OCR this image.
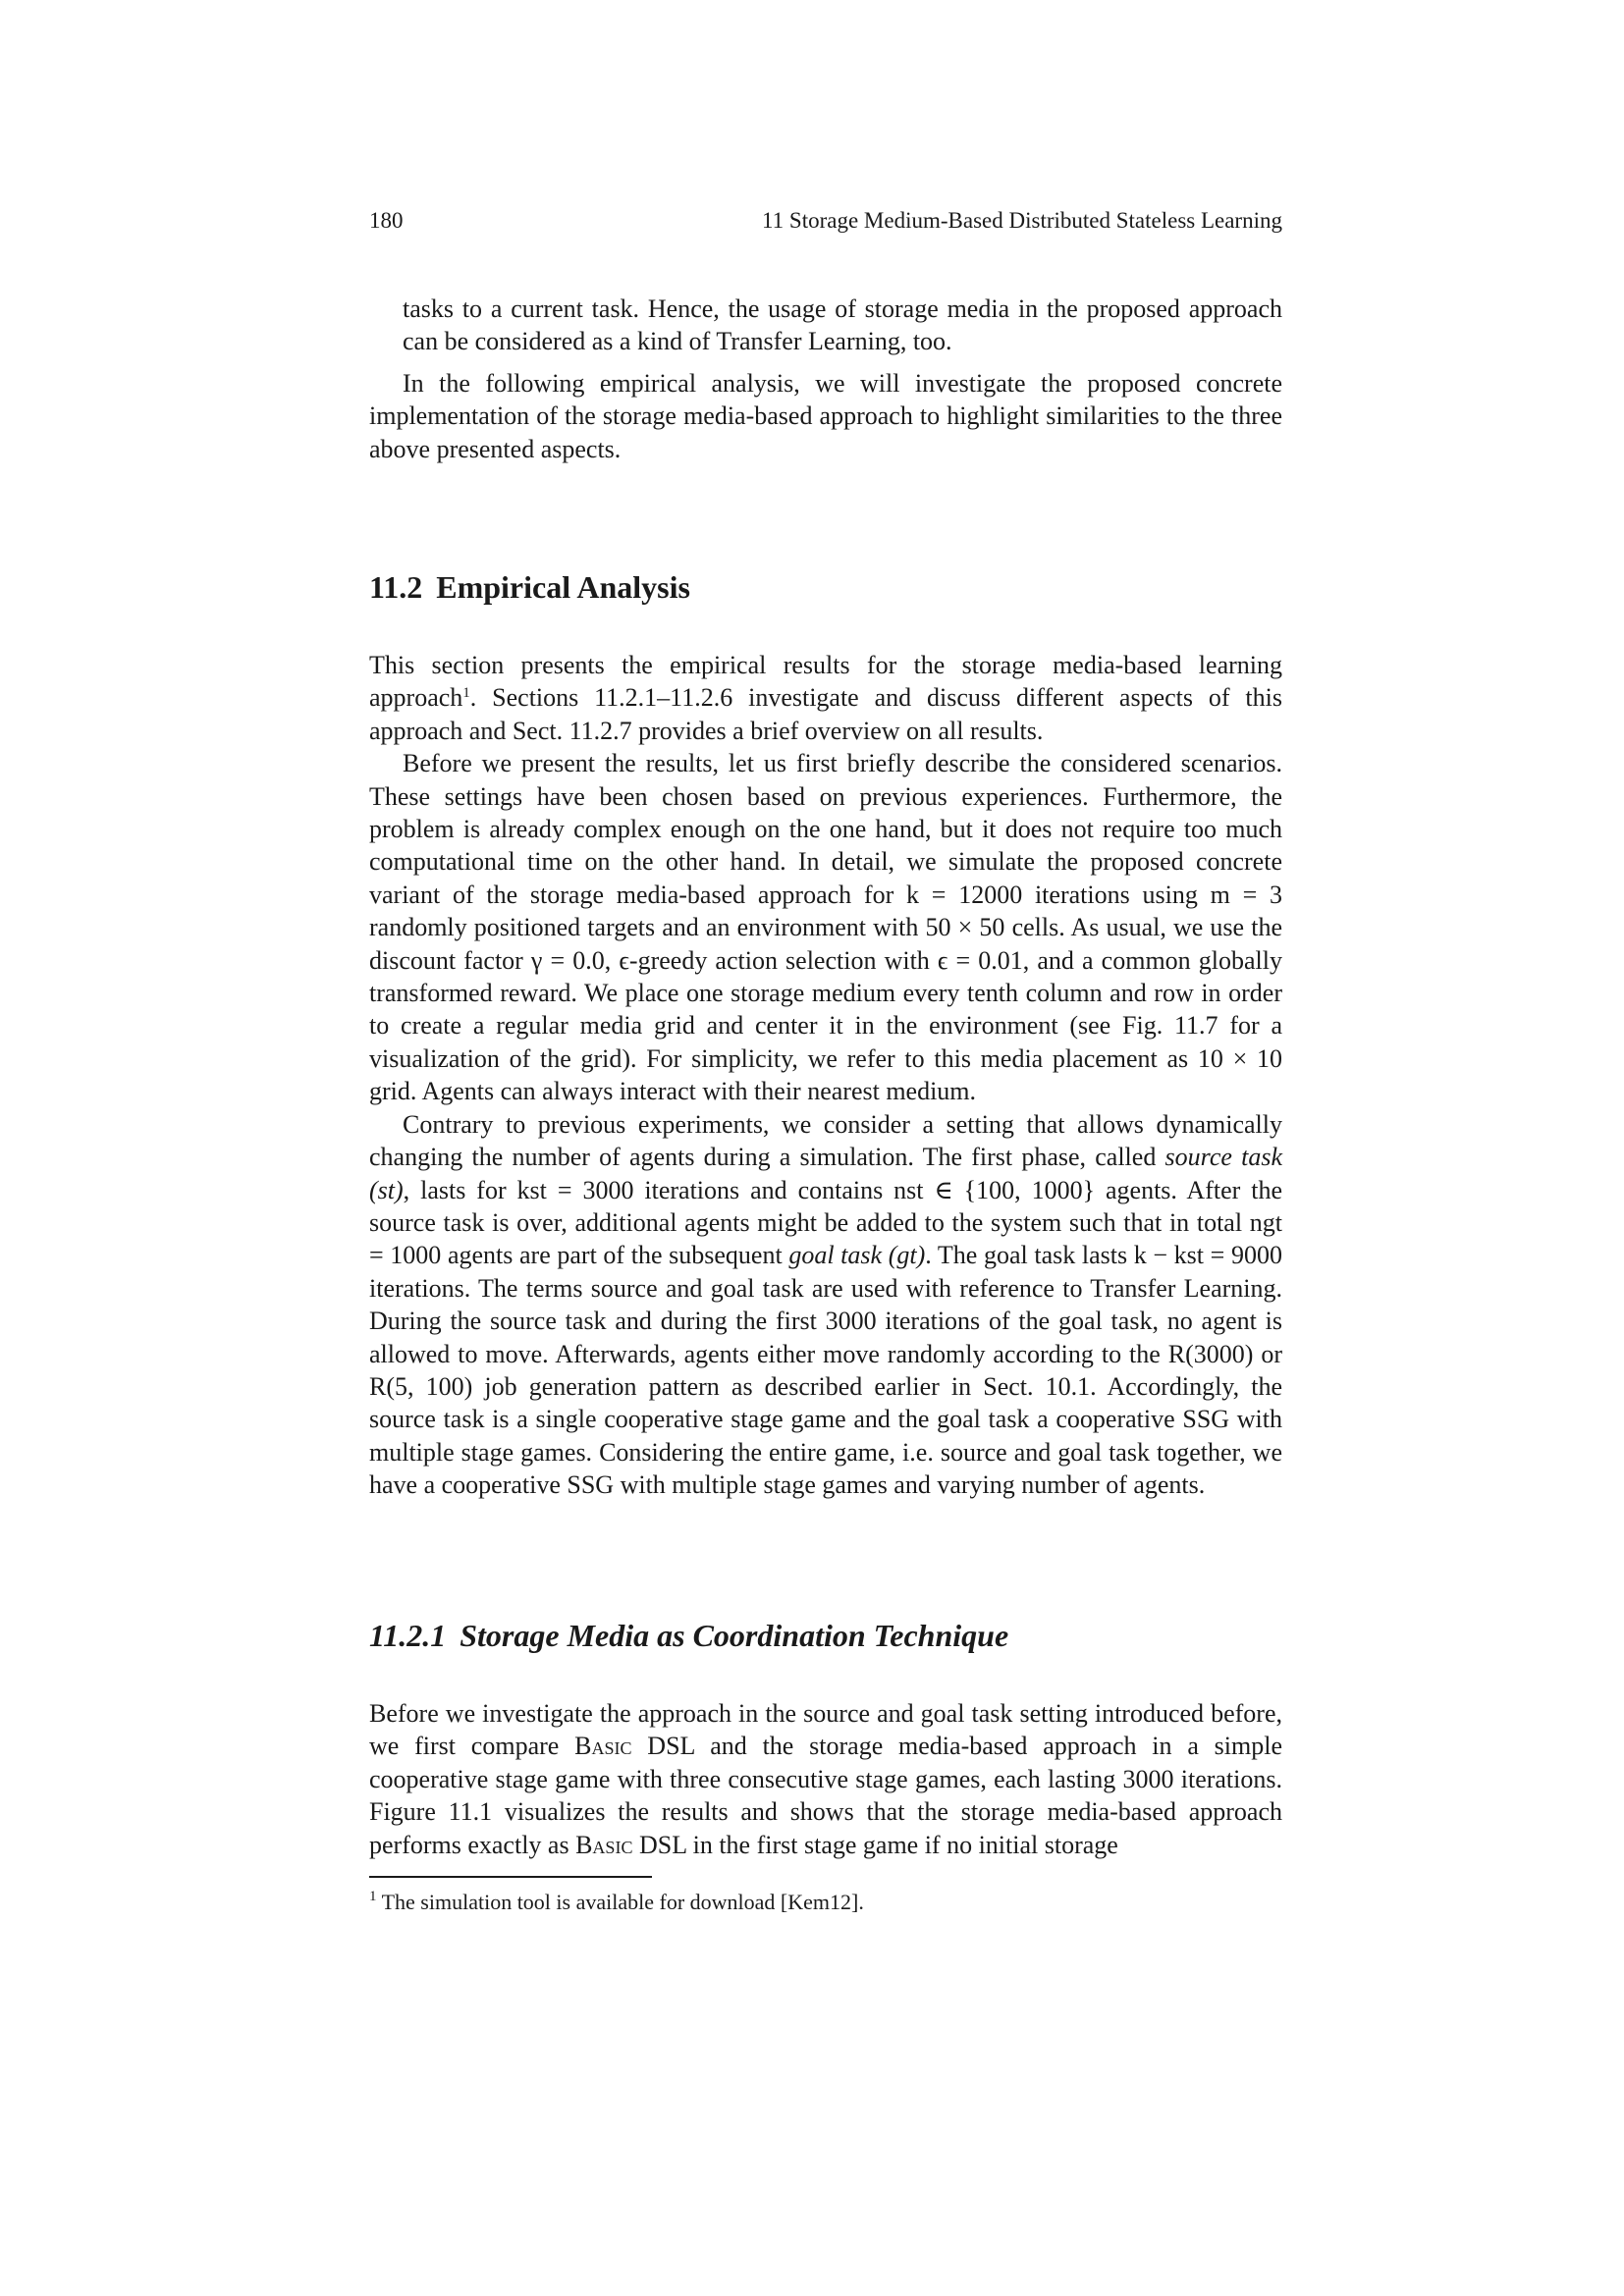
180	11 Storage Medium-Based Distributed Stateless Learning

tasks to a current task. Hence, the usage of storage media in the proposed approach can be considered as a kind of Transfer Learning, too.

In the following empirical analysis, we will investigate the proposed concrete implementation of the storage media-based approach to highlight similarities to the three above presented aspects.

11.2 Empirical Analysis

This section presents the empirical results for the storage media-based learning approach$^1$. Sections 11.2.1–11.2.6 investigate and discuss different aspects of this approach and Sect. 11.2.7 provides a brief overview on all results.

Before we present the results, let us first briefly describe the considered scenarios. These settings have been chosen based on previous experiences. Furthermore, the problem is already complex enough on the one hand, but it does not require too much computational time on the other hand. In detail, we simulate the proposed concrete variant of the storage media-based approach for k = 12000 iterations using m = 3 randomly positioned targets and an environment with 50 × 50 cells. As usual, we use the discount factor γ = 0.0, ϵ-greedy action selection with ϵ = 0.01, and a common globally transformed reward. We place one storage medium every tenth column and row in order to create a regular media grid and center it in the environment (see Fig. 11.7 for a visualization of the grid). For simplicity, we refer to this media placement as 10 × 10 grid. Agents can always interact with their nearest medium.

Contrary to previous experiments, we consider a setting that allows dynamically changing the number of agents during a simulation. The first phase, called source task (st), lasts for kst = 3000 iterations and contains nst ∈ {100, 1000} agents. After the source task is over, additional agents might be added to the system such that in total ngt = 1000 agents are part of the subsequent goal task (gt). The goal task lasts k − kst = 9000 iterations. The terms source and goal task are used with reference to Transfer Learning. During the source task and during the first 3000 iterations of the goal task, no agent is allowed to move. Afterwards, agents either move randomly according to the R(3000) or R(5, 100) job generation pattern as described earlier in Sect. 10.1. Accordingly, the source task is a single cooperative stage game and the goal task a cooperative SSG with multiple stage games. Considering the entire game, i.e. source and goal task together, we have a cooperative SSG with multiple stage games and varying number of agents.

11.2.1 Storage Media as Coordination Technique

Before we investigate the approach in the source and goal task setting introduced before, we first compare Basic DSL and the storage media-based approach in a simple cooperative stage game with three consecutive stage games, each lasting 3000 iterations. Figure 11.1 visualizes the results and shows that the storage media-based approach performs exactly as Basic DSL in the first stage game if no initial storage

$^1$ The simulation tool is available for download [Kem12].
